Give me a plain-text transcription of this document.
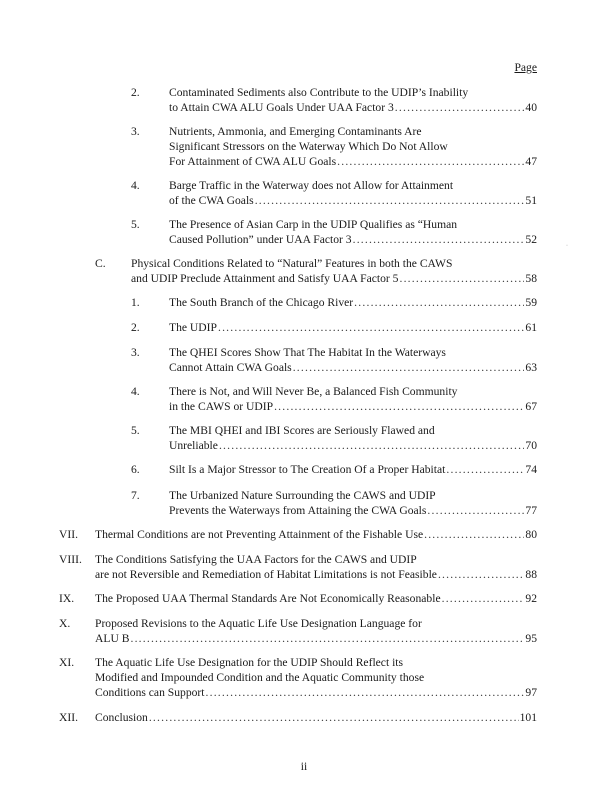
Page
2.	Contaminated Sediments also Contribute to the UDIP’s Inability
to Attain CWA ALU Goals Under UAA Factor 3 .....	40
3.	Nutrients, Ammonia, and Emerging Contaminants Are
Significant Stressors on the Waterway Which Do Not Allow
For Attainment of CWA ALU Goals .....	47
4.	Barge Traffic in the Waterway does not Allow for Attainment
of the CWA Goals .....	51
5.	The Presence of Asian Carp in the UDIP Qualifies as “Human
Caused Pollution” under UAA Factor 3 .....	52
C. Physical Conditions Related to “Natural” Features in both the CAWS
and UDIP Preclude Attainment and Satisfy UAA Factor 5 .....	58
1.	The South Branch of the Chicago River .....	59
2.	The UDIP .....	61
3.	The QHEI Scores Show That The Habitat In the Waterways
Cannot Attain CWA Goals .....	63
4.	There is Not, and Will Never Be, a Balanced Fish Community
in the CAWS or UDIP .....	67
5.	The MBI QHEI and IBI Scores are Seriously Flawed and
Unreliable .....	70
6.	Silt Is a Major Stressor to The Creation Of a Proper Habitat .....	74
7.	The Urbanized Nature Surrounding the CAWS and UDIP
Prevents the Waterways from Attaining the CWA Goals .....	77
VII. Thermal Conditions are not Preventing Attainment of the Fishable Use .....	80
VIII. The Conditions Satisfying the UAA Factors for the CAWS and UDIP
are not Reversible and Remediation of Habitat Limitations is not Feasible .....	88
IX. The Proposed UAA Thermal Standards Are Not Economically Reasonable .....	92
X. Proposed Revisions to the Aquatic Life Use Designation Language for
ALU B .....	95
XI. The Aquatic Life Use Designation for the UDIP Should Reflect its
Modified and Impounded Condition and the Aquatic Community those
Conditions can Support .....	97
XII. Conclusion .....	101
ii
·
